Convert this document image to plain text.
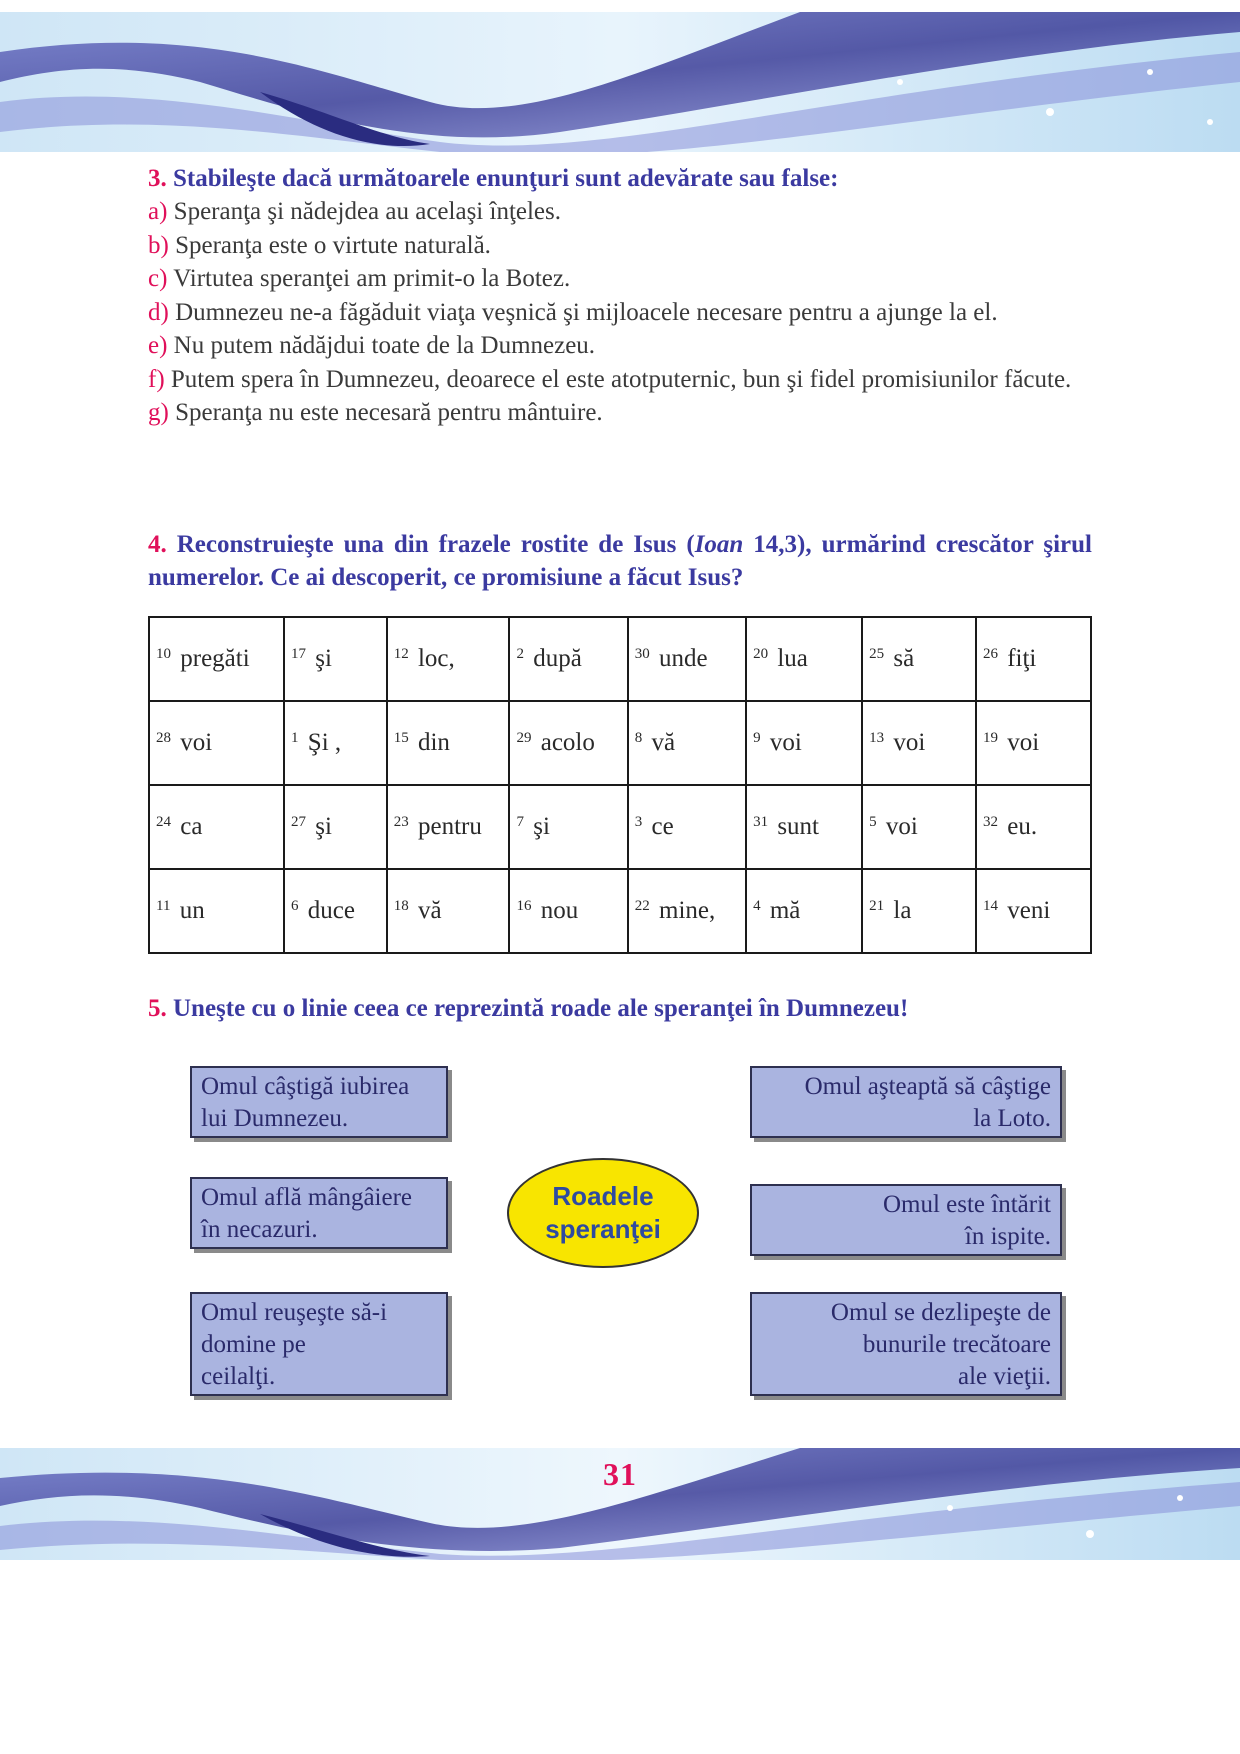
3. Stabileşte dacă următoarele enunţuri sunt adevărate sau false:

a) Speranţa şi nădejdea au acelaşi înţeles.

b) Speranţa este o virtute naturală.

c) Virtutea speranţei am primit-o la Botez.

d) Dumnezeu ne-a făgăduit viaţa veşnică şi mijloacele necesare pentru a ajunge la el.

e) Nu putem nădăjdui toate de la Dumnezeu.

f) Putem spera în Dumnezeu, deoarece el este atotputernic, bun şi fidel promisiunilor făcute.

g) Speranţa nu este necesară pentru mântuire.

4. Reconstruieşte una din frazele rostite de Isus (Ioan 14,3), urmărind crescător şirul numerelor. Ce ai descoperit, ce promisiune a făcut Isus?

$^{10}$ pregăti	$^{17}$ şi	$^{12}$ loc,	$^2$ după	$^{30}$ unde	$^{20}$ lua	$^{25}$ să	$^{26}$ fiţi
$^{28}$ voi	$^1$ Şi ,	$^{15}$ din	$^{29}$ acolo	$^8$ vă	$^9$ voi	$^{13}$ voi	$^{19}$ voi
$^{24}$ ca	$^{27}$ şi	$^{23}$ pentru	$^7$ şi	$^3$ ce	$^{31}$ sunt	$^5$ voi	$^{32}$ eu.
$^{11}$ un	$^6$ duce	$^{18}$ vă	$^{16}$ nou	$^{22}$ mine,	$^4$ mă	$^{21}$ la	$^{14}$ veni

5. Uneşte cu o linie ceea ce reprezintă roade ale speranţei în Dumnezeu!

Omul câştigă iubirea
lui Dumnezeu.
Omul află mângâiere
în necazuri.
Omul reuşeşte să-i
domine pe
ceilalţi.
Roadele
speranţei
Omul aşteaptă să câştige
la Loto.
Omul este întărit
în ispite.
Omul se dezlipeşte de
bunurile trecătoare
ale vieţii.
31
